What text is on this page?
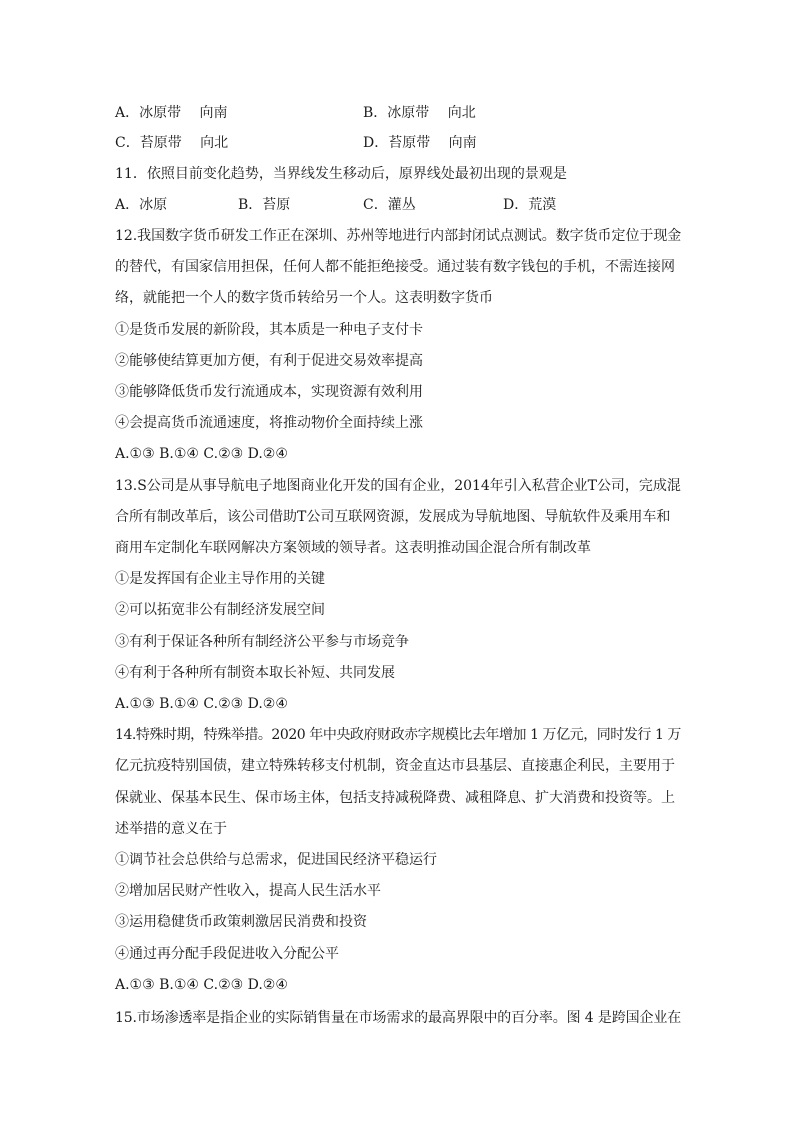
A．冰原带　 向南	B．冰原带　 向北
C．苔原带　 向北	D．苔原带　 向南
11．依照目前变化趋势，当界线发生移动后，原界线处最初出现的景观是
A．冰原	B．苔原	C．灌丛	D．荒漠
12.我国数字货币研发工作正在深圳、苏州等地进行内部封闭试点测试。数字货币定位于现金
的替代，有国家信用担保，任何人都不能拒绝接受。通过装有数字钱包的手机，不需连接网
络，就能把一个人的数字货币转给另一个人。这表明数字货币
①是货币发展的新阶段，其本质是一种电子支付卡
②能够使结算更加方便，有利于促进交易效率提高
③能够降低货币发行流通成本，实现资源有效利用
④会提高货币流通速度，将推动物价全面持续上涨
A.①③ B.①④ C.②③ D.②④
13.S公司是从事导航电子地图商业化开发的国有企业，2014年引入私营企业T公司，完成混
合所有制改革后，该公司借助T公司互联网资源，发展成为导航地图、导航软件及乘用车和
商用车定制化车联网解决方案领域的领导者。这表明推动国企混合所有制改革
①是发挥国有企业主导作用的关键
②可以拓宽非公有制经济发展空间
③有利于保证各种所有制经济公平参与市场竞争
④有利于各种所有制资本取长补短、共同发展
A.①③ B.①④ C.②③ D.②④
14.特殊时期，特殊举措。2020 年中央政府财政赤字规模比去年增加 1 万亿元，同时发行 1 万
亿元抗疫特别国债，建立特殊转移支付机制，资金直达市县基层、直接惠企利民，主要用于
保就业、保基本民生、保市场主体，包括支持减税降费、减租降息、扩大消费和投资等。上
述举措的意义在于
①调节社会总供给与总需求，促进国民经济平稳运行
②增加居民财产性收入，提高人民生活水平
③运用稳健货币政策刺激居民消费和投资
④通过再分配手段促进收入分配公平
A.①③ B.①④ C.②③ D.②④
15.市场渗透率是指企业的实际销售量在市场需求的最高界限中的百分率。图 4 是跨国企业在
